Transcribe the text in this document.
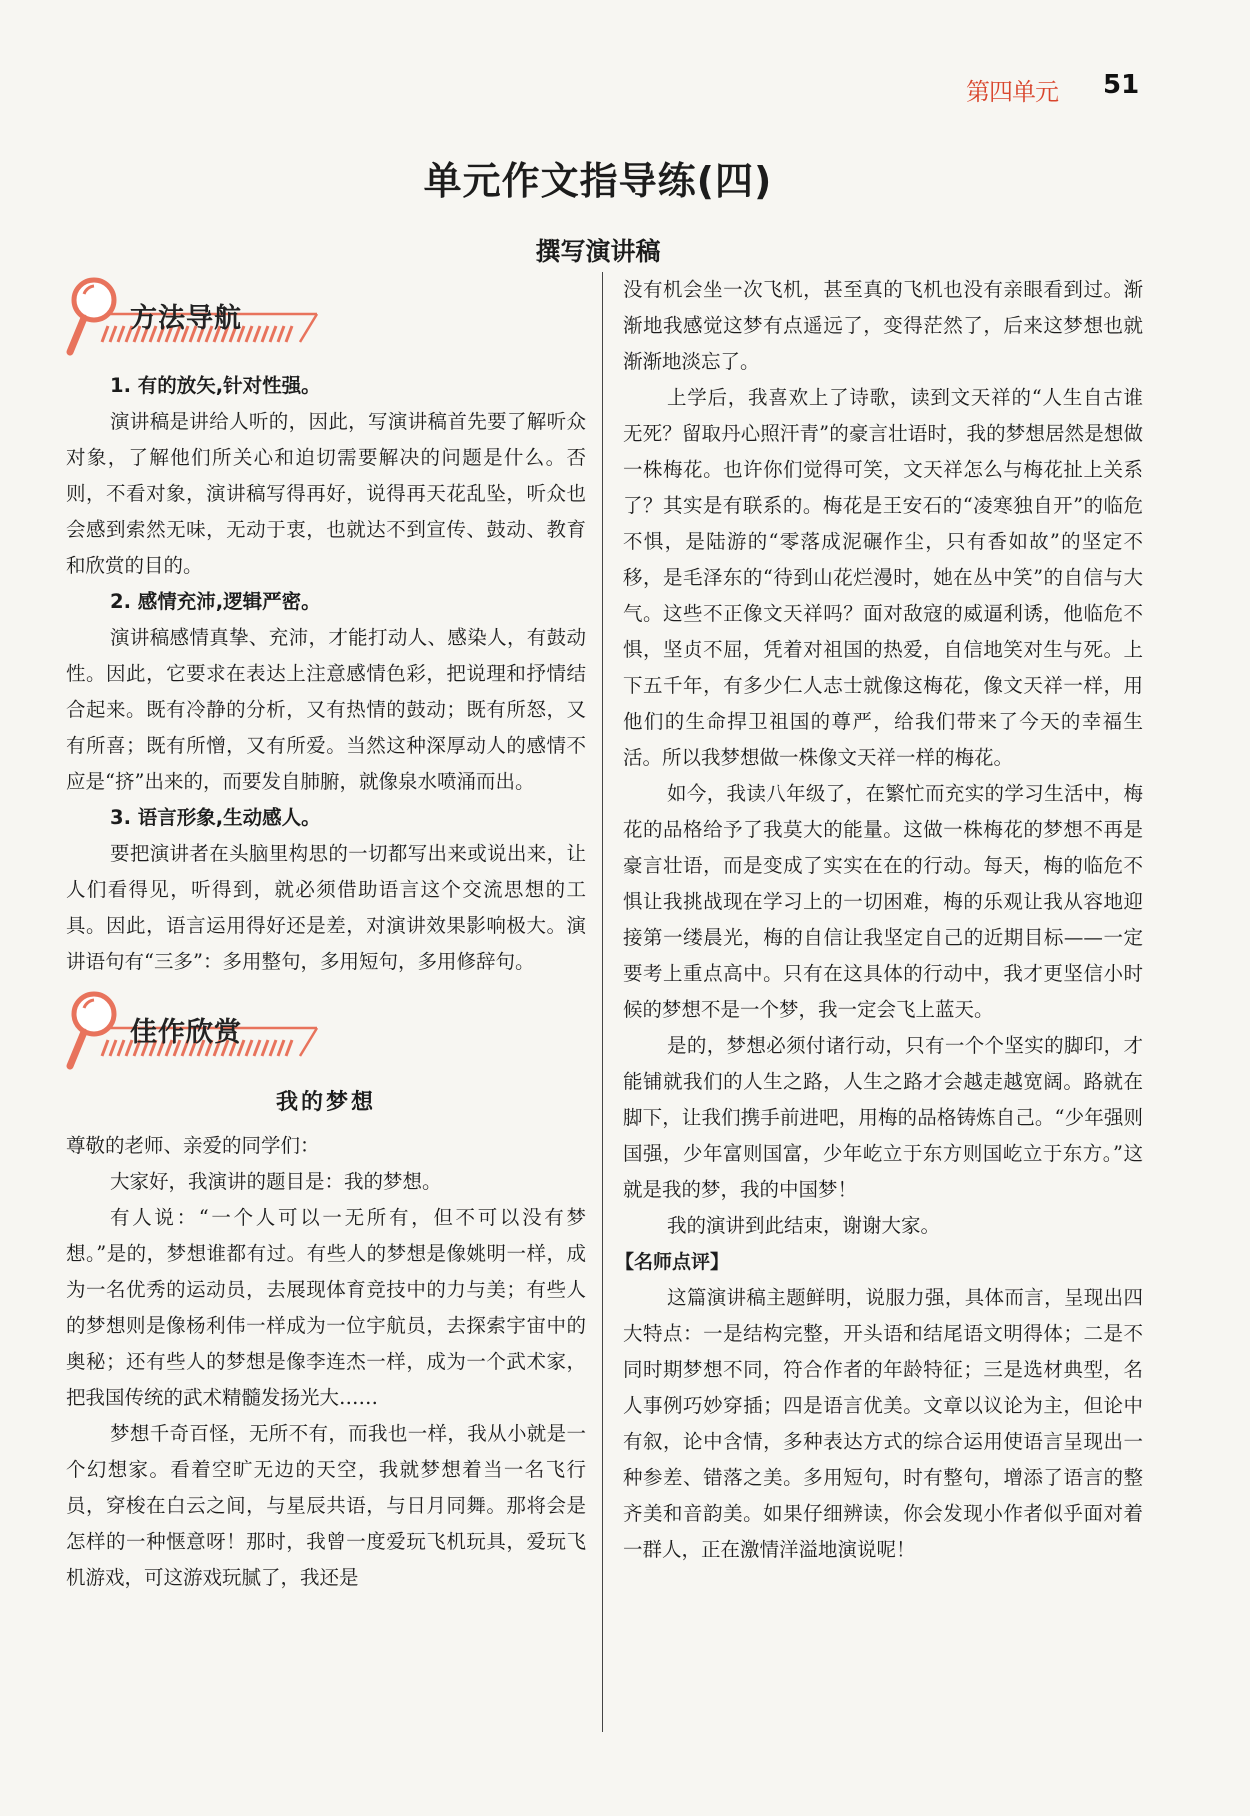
第四单元 51
单元作文指导练(四)
撰写演讲稿
方法导航
1. 有的放矢,针对性强。

演讲稿是讲给人听的，因此，写演讲稿首先要了解听众对象，了解他们所关心和迫切需要解决的问题是什么。否则，不看对象，演讲稿写得再好，说得再天花乱坠，听众也会感到索然无味，无动于衷，也就达不到宣传、鼓动、教育和欣赏的目的。

2. 感情充沛,逻辑严密。

演讲稿感情真挚、充沛，才能打动人、感染人，有鼓动性。因此，它要求在表达上注意感情色彩，把说理和抒情结合起来。既有冷静的分析，又有热情的鼓动；既有所怒，又有所喜；既有所憎，又有所爱。当然这种深厚动人的感情不应是“挤”出来的，而要发自肺腑，就像泉水喷涌而出。

3. 语言形象,生动感人。

要把演讲者在头脑里构思的一切都写出来或说出来，让人们看得见，听得到，就必须借助语言这个交流思想的工具。因此，语言运用得好还是差，对演讲效果影响极大。演讲语句有“三多”：多用整句，多用短句，多用修辞句。

佳作欣赏
我的梦想

尊敬的老师、亲爱的同学们：

大家好，我演讲的题目是：我的梦想。

有人说：“一个人可以一无所有，但不可以没有梦想。”是的，梦想谁都有过。有些人的梦想是像姚明一样，成为一名优秀的运动员，去展现体育竞技中的力与美；有些人的梦想则是像杨利伟一样成为一位宇航员，去探索宇宙中的奥秘；还有些人的梦想是像李连杰一样，成为一个武术家，把我国传统的武术精髓发扬光大……

梦想千奇百怪，无所不有，而我也一样，我从小就是一个幻想家。看着空旷无边的天空，我就梦想着当一名飞行员，穿梭在白云之间，与星辰共语，与日月同舞。那将会是怎样的一种惬意呀！那时，我曾一度爱玩飞机玩具，爱玩飞机游戏，可这游戏玩腻了，我还是

没有机会坐一次飞机，甚至真的飞机也没有亲眼看到过。渐渐地我感觉这梦有点遥远了，变得茫然了，后来这梦想也就渐渐地淡忘了。

上学后，我喜欢上了诗歌，读到文天祥的“人生自古谁无死？留取丹心照汗青”的豪言壮语时，我的梦想居然是想做一株梅花。也许你们觉得可笑，文天祥怎么与梅花扯上关系了？其实是有联系的。梅花是王安石的“凌寒独自开”的临危不惧，是陆游的“零落成泥碾作尘，只有香如故”的坚定不移，是毛泽东的“待到山花烂漫时，她在丛中笑”的自信与大气。这些不正像文天祥吗？面对敌寇的威逼利诱，他临危不惧，坚贞不屈，凭着对祖国的热爱，自信地笑对生与死。上下五千年，有多少仁人志士就像这梅花，像文天祥一样，用他们的生命捍卫祖国的尊严，给我们带来了今天的幸福生活。所以我梦想做一株像文天祥一样的梅花。

如今，我读八年级了，在繁忙而充实的学习生活中，梅花的品格给予了我莫大的能量。这做一株梅花的梦想不再是豪言壮语，而是变成了实实在在的行动。每天，梅的临危不惧让我挑战现在学习上的一切困难，梅的乐观让我从容地迎接第一缕晨光，梅的自信让我坚定自己的近期目标——一定要考上重点高中。只有在这具体的行动中，我才更坚信小时候的梦想不是一个梦，我一定会飞上蓝天。

是的，梦想必须付诸行动，只有一个个坚实的脚印，才能铺就我们的人生之路，人生之路才会越走越宽阔。路就在脚下，让我们携手前进吧，用梅的品格铸炼自己。“少年强则国强，少年富则国富，少年屹立于东方则国屹立于东方。”这就是我的梦，我的中国梦！

我的演讲到此结束，谢谢大家。

【名师点评】

这篇演讲稿主题鲜明，说服力强，具体而言，呈现出四大特点：一是结构完整，开头语和结尾语文明得体；二是不同时期梦想不同，符合作者的年龄特征；三是选材典型，名人事例巧妙穿插；四是语言优美。文章以议论为主，但论中有叙，论中含情，多种表达方式的综合运用使语言呈现出一种参差、错落之美。多用短句，时有整句，增添了语言的整齐美和音韵美。如果仔细辨读，你会发现小作者似乎面对着一群人，正在激情洋溢地演说呢！
